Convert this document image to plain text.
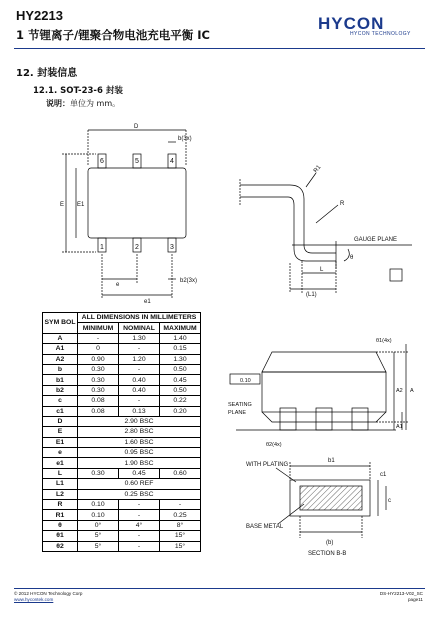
HY2213
1 节锂离子/锂聚合物电池充电平衡 IC
HYCON
HYCON TECHNOLOGY
12. 封装信息
12.1. SOT-23-6 封装
说明：单位为 mm。
6	5	4
1	2	3
D
b(3x)
E E1
e
e1
b2(3x)
R1
R
GAUGE PLANE
L
θ
(L1)
θ1(4x)
0.10
SEATING
PLANE
θ2(4x)
A2 A
A1
b1
WITH PLATING
c1
c
BASE METAL
(b)
SECTION B-B
SYM BOL	ALL DIMENSIONS IN MILLIMETERS		
	MINIMUM	NOMINAL	MAXIMUM
A	-	1.30	1.40
A1	0	-	0.15
A2	0.90	1.20	1.30
b	0.30	-	0.50
b1	0.30	0.40	0.45
b2	0.30	0.40	0.50
c	0.08	-	0.22
c1	0.08	0.13	0.20
D	2.90 BSC		
E	2.80 BSC		
E1	1.60 BSC		
e	0.95 BSC		
e1	1.90 BSC		
L	0.30	0.45	0.60
L1	0.60 REF		
L2	0.25 BSC		
R	0.10	-	-
R1	0.10	-	0.25
θ	0°	4°	8°
θ1	5°	-	15°
θ2	5°	-	15°
© 2012 HYCON Technology Corp
www.hycontek.com
DS-HY2213-V02_SC
page11
